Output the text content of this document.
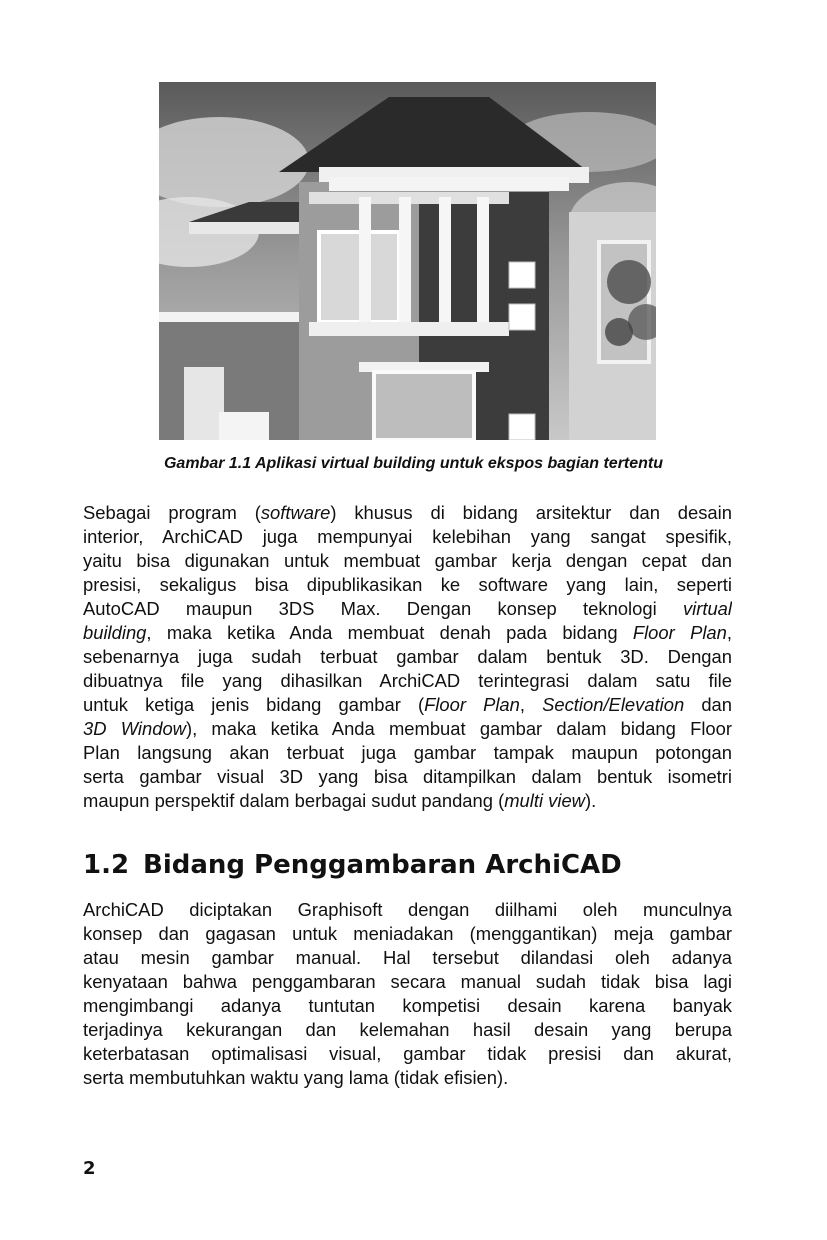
Gambar 1.1 Aplikasi virtual building untuk ekspos bagian tertentu

Sebagai program (software) khusus di bidang arsitektur dan desain
interior, ArchiCAD juga mempunyai kelebihan yang sangat spesifik,
yaitu bisa digunakan untuk membuat gambar kerja dengan cepat dan
presisi, sekaligus bisa dipublikasikan ke software yang lain, seperti
AutoCAD maupun 3DS Max. Dengan konsep teknologi virtual
building, maka ketika Anda membuat denah pada bidang Floor Plan,
sebenarnya juga sudah terbuat gambar dalam bentuk 3D. Dengan
dibuatnya file yang dihasilkan ArchiCAD terintegrasi dalam satu file
untuk ketiga jenis bidang gambar (Floor Plan, Section/Elevation dan
3D Window), maka ketika Anda membuat gambar dalam bidang Floor
Plan langsung akan terbuat juga gambar tampak maupun potongan
serta gambar visual 3D yang bisa ditampilkan dalam bentuk isometri
maupun perspektif dalam berbagai sudut pandang (multi view).

1.2 Bidang Penggambaran ArchiCAD

ArchiCAD diciptakan Graphisoft dengan diilhami oleh munculnya
konsep dan gagasan untuk meniadakan (menggantikan) meja gambar
atau mesin gambar manual. Hal tersebut dilandasi oleh adanya
kenyataan bahwa penggambaran secara manual sudah tidak bisa lagi
mengimbangi adanya tuntutan kompetisi desain karena banyak
terjadinya kekurangan dan kelemahan hasil desain yang berupa
keterbatasan optimalisasi visual, gambar tidak presisi dan akurat,
serta membutuhkan waktu yang lama (tidak efisien).

2
